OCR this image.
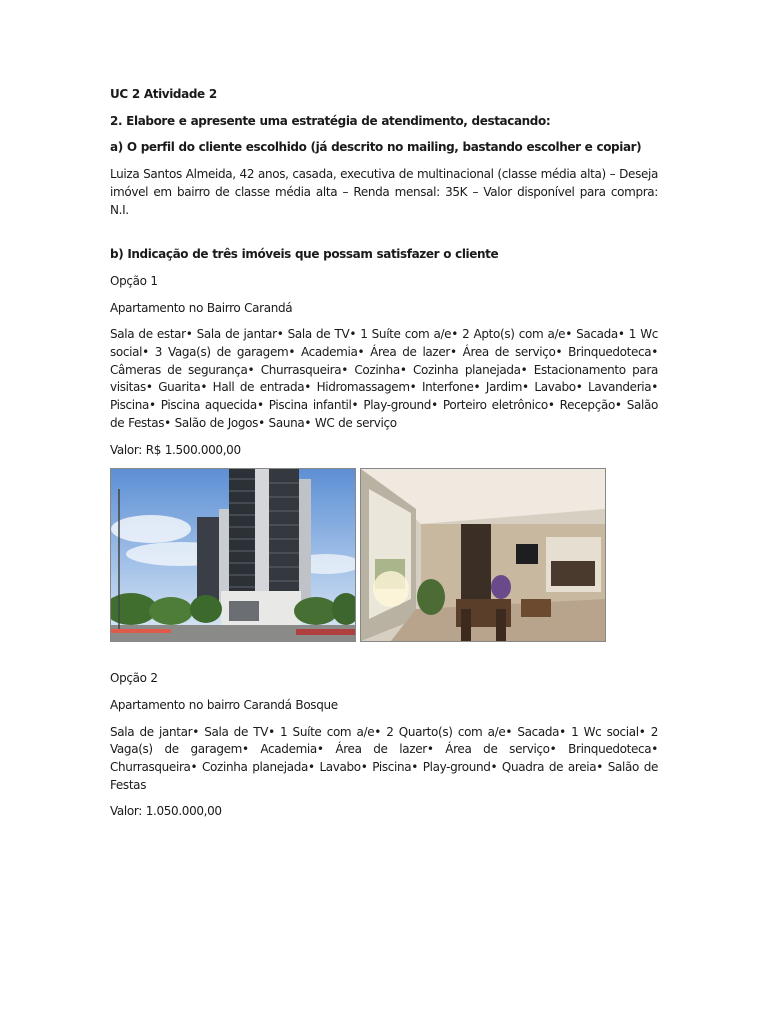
UC 2 Atividade 2

2. Elabore e apresente uma estratégia de atendimento, destacando:

a) O perfil do cliente escolhido (já descrito no mailing, bastando escolher e copiar)

Luiza Santos Almeida, 42 anos, casada, executiva de multinacional (classe média alta) – Deseja imóvel em bairro de classe média alta – Renda mensal: 35K – Valor disponível para compra: N.I.

b) Indicação de três imóveis que possam satisfazer o cliente

Opção 1

Apartamento no Bairro Carandá

Sala de estar• Sala de jantar• Sala de TV• 1 Suíte com a/e• 2 Apto(s) com a/e• Sacada• 1 Wc social• 3 Vaga(s) de garagem• Academia• Área de lazer• Área de serviço• Brinquedoteca• Câmeras de segurança• Churrasqueira• Cozinha• Cozinha planejada• Estacionamento para visitas• Guarita• Hall de entrada• Hidromassagem• Interfone• Jardim• Lavabo• Lavanderia• Piscina• Piscina aquecida• Piscina infantil• Play-ground• Porteiro eletrônico• Recepção• Salão de Festas• Salão de Jogos• Sauna• WC de serviço

Valor: R$ 1.500.000,00

Opção 2

Apartamento no bairro Carandá Bosque

Sala de jantar• Sala de TV• 1 Suíte com a/e• 2 Quarto(s) com a/e• Sacada• 1 Wc social• 2 Vaga(s) de garagem• Academia• Área de lazer• Área de serviço• Brinquedoteca• Churrasqueira• Cozinha planejada• Lavabo• Piscina• Play-ground• Quadra de areia• Salão de Festas

Valor: 1.050.000,00
